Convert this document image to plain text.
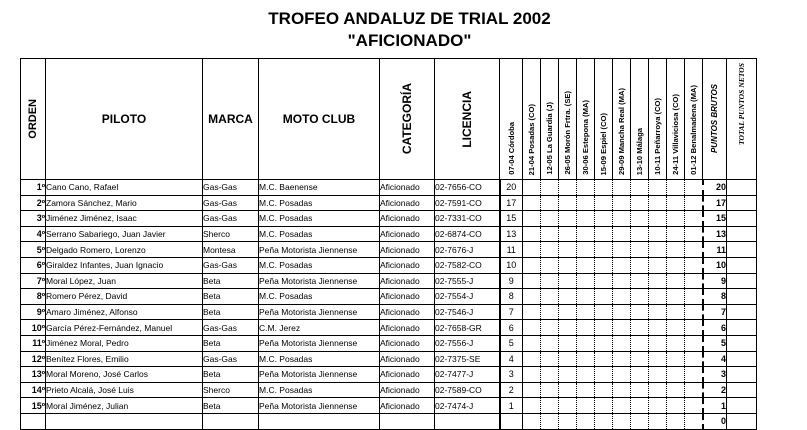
TROFEO ANDALUZ DE TRIAL 2002
"AFICIONADO"
ORDEN	PILOTO	MARCA	MOTO CLUB	CATEGORÍA	LICENCIA	07-04 Córdoba	21-04 Posadas (CO)	12-05 La Guardia (J)	26-05 Morón Frtra. (SE)	30-06 Estepona (MA)	15-09 Espiel (CO)	29-09 Mancha Real (MA)	13-10 Málaga	10-11 Peñarroya (CO)	24-11 Villaviciosa (CO)	01-12 Benalmadena (MA)	PUNTOS BRUTOS	TOTAL PUNTOS NETOS

1º	Cano Cano, Rafael	Gas-Gas	M.C. Baenense	Aficionado	02-7656-CO	20											20	
2º	Zamora Sánchez, Mario	Gas-Gas	M.C. Posadas	Aficionado	02-7591-CO	17											17	
3º	Jiménez Jiménez, Isaac	Gas-Gas	M.C. Posadas	Aficionado	02-7331-CO	15											15	
4º	Serrano Sabariego, Juan Javier	Sherco	M.C. Posadas	Aficionado	02-6874-CO	13											13	
5º	Delgado Romero, Lorenzo	Montesa	Peña Motorista Jiennense	Aficionado	02-7676-J	11											11	
6º	Giraldez Infantes, Juan Ignacio	Gas-Gas	M.C. Posadas	Aficionado	02-7582-CO	10											10	
7º	Moral López, Juan	Beta	Peña Motorista Jiennense	Aficionado	02-7555-J	9											9	
8º	Romero Pérez, David	Beta	M.C. Posadas	Aficionado	02-7554-J	8											8	
9º	Amaro Jiménez, Alfonso	Beta	Peña Motorista Jiennense	Aficionado	02-7546-J	7											7	
10º	García Pérez-Fernández, Manuel	Gas-Gas	C.M. Jerez	Aficionado	02-7658-GR	6											6	
11º	Jiménez Moral, Pedro	Beta	Peña Motorista Jiennense	Aficionado	02-7556-J	5											5	
12º	Benítez Flores, Emilio	Gas-Gas	M.C. Posadas	Aficionado	02-7375-SE	4											4	
13º	Moral Moreno, José Carlos	Beta	Peña Motorista Jiennense	Aficionado	02-7477-J	3											3	
14º	Prieto Alcalá, José Luis	Sherco	M.C. Posadas	Aficionado	02-7589-CO	2											2	
15º	Moral Jiménez, Julian	Beta	Peña Motorista Jiennense	Aficionado	02-7474-J	1											1	
																	0	
